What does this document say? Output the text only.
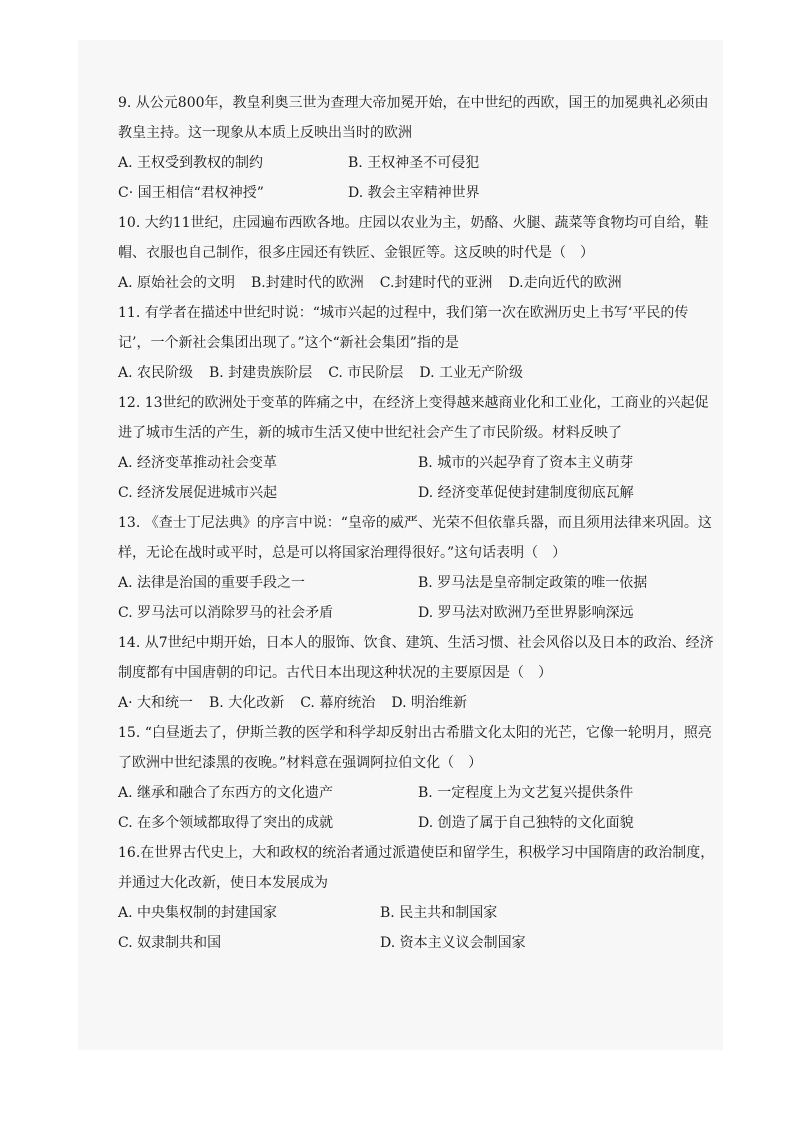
9. 从公元800年，教皇利奥三世为查理大帝加冕开始，在中世纪的西欧，国王的加冕典礼必须由教皇主持。这一现象从本质上反映出当时的欧洲

A. 王权受到教权的制约	B. 王权神圣不可侵犯
C· 国王相信“君权神授”	D. 教会主宰精神世界

10. 大约11世纪，庄园遍布西欧各地。庄园以农业为主，奶酪、火腿、蔬菜等食物均可自给，鞋帽、衣服也自己制作，很多庄园还有铁匠、金银匠等。这反映的时代是（　）

A. 原始社会的文明 B.封建时代的欧洲 C.封建时代的亚洲 D.走向近代的欧洲

11. 有学者在描述中世纪时说：“城市兴起的过程中，我们第一次在欧洲历史上书写‘平民的传记’，一个新社会集团出现了。”这个“新社会集团”指的是

A. 农民阶级 B. 封建贵族阶层 C. 市民阶层 D. 工业无产阶级

12. 13世纪的欧洲处于变革的阵痛之中，在经济上变得越来越商业化和工业化，工商业的兴起促进了城市生活的产生，新的城市生活又使中世纪社会产生了市民阶级。材料反映了

A. 经济变革推动社会变革	B. 城市的兴起孕育了资本主义萌芽
C. 经济发展促进城市兴起	D. 经济变革促使封建制度彻底瓦解

13. 《查士丁尼法典》的序言中说：“皇帝的威严、光荣不但依靠兵器，而且须用法律来巩固。这样，无论在战时或平时，总是可以将国家治理得很好。”这句话表明（　）

A. 法律是治国的重要手段之一	B. 罗马法是皇帝制定政策的唯一依据
C. 罗马法可以消除罗马的社会矛盾	D. 罗马法对欧洲乃至世界影响深远

14. 从7世纪中期开始，日本人的服饰、饮食、建筑、生活习惯、社会风俗以及日本的政治、经济制度都有中国唐朝的印记。古代日本出现这种状况的主要原因是（　）

A· 大和统一 B. 大化改新 C. 幕府统治 D. 明治维新

15. “白昼逝去了，伊斯兰教的医学和科学却反射出古希腊文化太阳的光芒，它像一轮明月，照亮了欧洲中世纪漆黑的夜晚。”材料意在强调阿拉伯文化（　）

A. 继承和融合了东西方的文化遗产	B. 一定程度上为文艺复兴提供条件
C. 在多个领域都取得了突出的成就	D. 创造了属于自己独特的文化面貌

16.在世界古代史上，大和政权的统治者通过派遣使臣和留学生，积极学习中国隋唐的政治制度，并通过大化改新，使日本发展成为

A. 中央集权制的封建国家	B. 民主共和制国家
C. 奴隶制共和国	D. 资本主义议会制国家
